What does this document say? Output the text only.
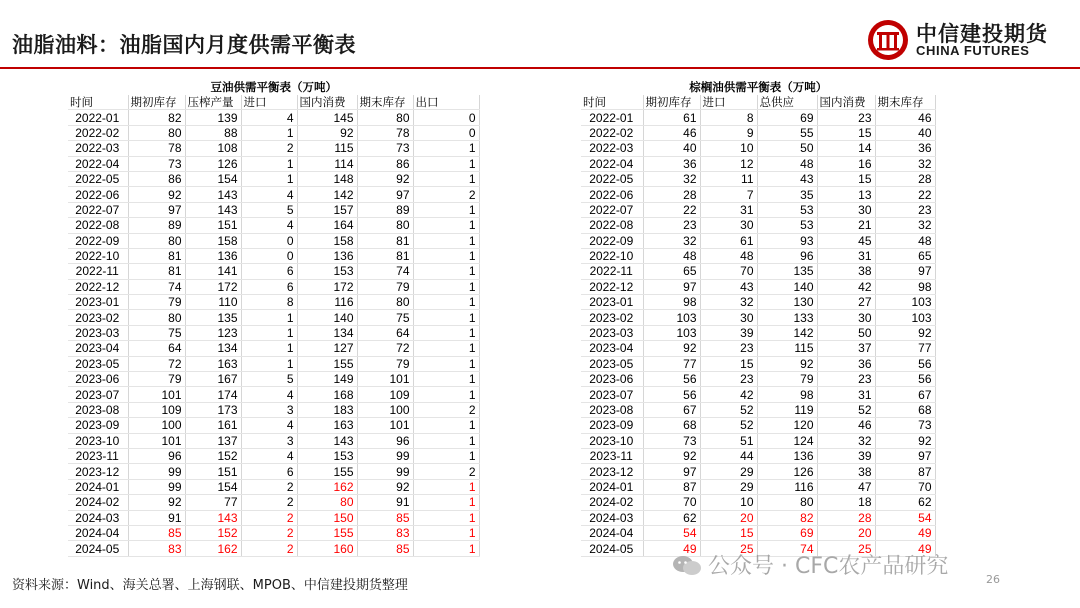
油脂油料：油脂国内月度供需平衡表	中信建投期货
CHINA FUTURES
豆油供需平衡表（万吨）
时间	期初库存	压榨产量	进口	国内消费	期末库存	出口
2022-01	82	139	4	145	80	0
2022-02	80	88	1	92	78	0
2022-03	78	108	2	115	73	1
2022-04	73	126	1	114	86	1
2022-05	86	154	1	148	92	1
2022-06	92	143	4	142	97	2
2022-07	97	143	5	157	89	1
2022-08	89	151	4	164	80	1
2022-09	80	158	0	158	81	1
2022-10	81	136	0	136	81	1
2022-11	81	141	6	153	74	1
2022-12	74	172	6	172	79	1
2023-01	79	110	8	116	80	1
2023-02	80	135	1	140	75	1
2023-03	75	123	1	134	64	1
2023-04	64	134	1	127	72	1
2023-05	72	163	1	155	79	1
2023-06	79	167	5	149	101	1
2023-07	101	174	4	168	109	1
2023-08	109	173	3	183	100	2
2023-09	100	161	4	163	101	1
2023-10	101	137	3	143	96	1
2023-11	96	152	4	153	99	1
2023-12	99	151	6	155	99	2
2024-01	99	154	2	162	92	1
2024-02	92	77	2	80	91	1
2024-03	91	143	2	150	85	1
2024-04	85	152	2	155	83	1
2024-05	83	162	2	160	85	1
棕榈油供需平衡表（万吨）
时间	期初库存	进口	总供应	国内消费	期末库存
2022-01	61	8	69	23	46
2022-02	46	9	55	15	40
2022-03	40	10	50	14	36
2022-04	36	12	48	16	32
2022-05	32	11	43	15	28
2022-06	28	7	35	13	22
2022-07	22	31	53	30	23
2022-08	23	30	53	21	32
2022-09	32	61	93	45	48
2022-10	48	48	96	31	65
2022-11	65	70	135	38	97
2022-12	97	43	140	42	98
2023-01	98	32	130	27	103
2023-02	103	30	133	30	103
2023-03	103	39	142	50	92
2023-04	92	23	115	37	77
2023-05	77	15	92	36	56
2023-06	56	23	79	23	56
2023-07	56	42	98	31	67
2023-08	67	52	119	52	68
2023-09	68	52	120	46	73
2023-10	73	51	124	32	92
2023-11	92	44	136	39	97
2023-12	97	29	126	38	87
2024-01	87	29	116	47	70
2024-02	70	10	80	18	62
2024-03	62	20	82	28	54
2024-04	54	15	69	20	49
2024-05	49	25	74	25	49
资料来源：Wind、海关总署、上海钢联、MPOB、中信建投期货整理
公众号 · CFC农产品研究
26
